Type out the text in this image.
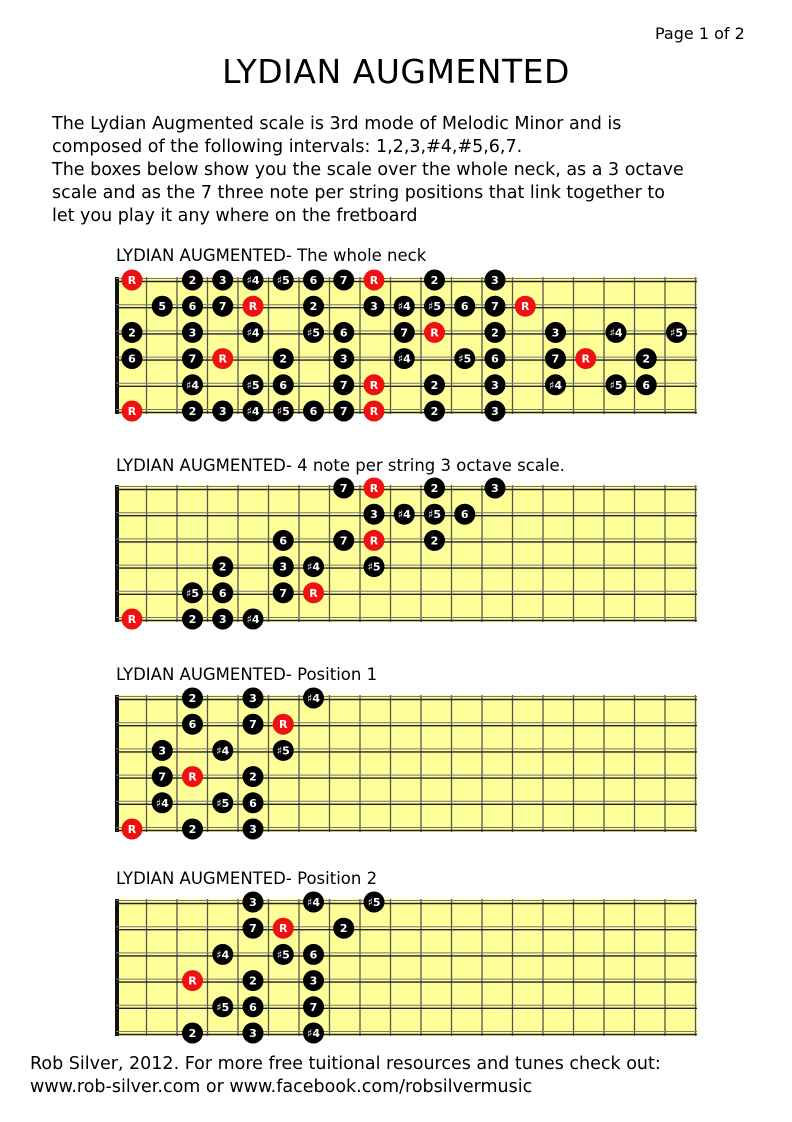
Page 1 of 2
LYDIAN AUGMENTED
The Lydian Augmented scale is 3rd mode of Melodic Minor and is
composed of the following intervals: 1,2,3,#4,#5,6,7.
The boxes below show you the scale over the whole neck, as a 3 octave
scale and as the 7 three note per string positions that link together to
let you play it any where on the fretboard
LYDIAN AUGMENTED- The whole neck
R	2 3 ♯4 ♯5 6 7 R	2	3
5 6 7 R	2	3 ♯4 ♯5 6 7 R
2	3	♯4	♯5 6	7 R	2	3	♯4	♯5
6	7 R	2	3	♯4	♯5 6	7 R	2
♯4	♯5 6	7 R	2	3	♯4	♯5 6
R	2 3 ♯4 ♯5 6 7 R	2	3
LYDIAN AUGMENTED- 4 note per string 3 octave scale.
7 R	2	3
3 ♯4 ♯5 6
6	7 R	2
2	3 ♯4	♯5
♯5 6	7 R
R	2 3 ♯4
LYDIAN AUGMENTED- Position 1
2	3	♯4
6	7 R
3	♯4	♯5
7 R	2
♯4	♯5 6
R	2	3
LYDIAN AUGMENTED- Position 2
3	♯4	♯5
7 R	2
♯4	♯5 6
R	2	3
♯5 6	7
2	3	♯4
Rob Silver, 2012. For more free tuitional resources and tunes check out:
www.rob-silver.com or www.facebook.com/robsilvermusic
